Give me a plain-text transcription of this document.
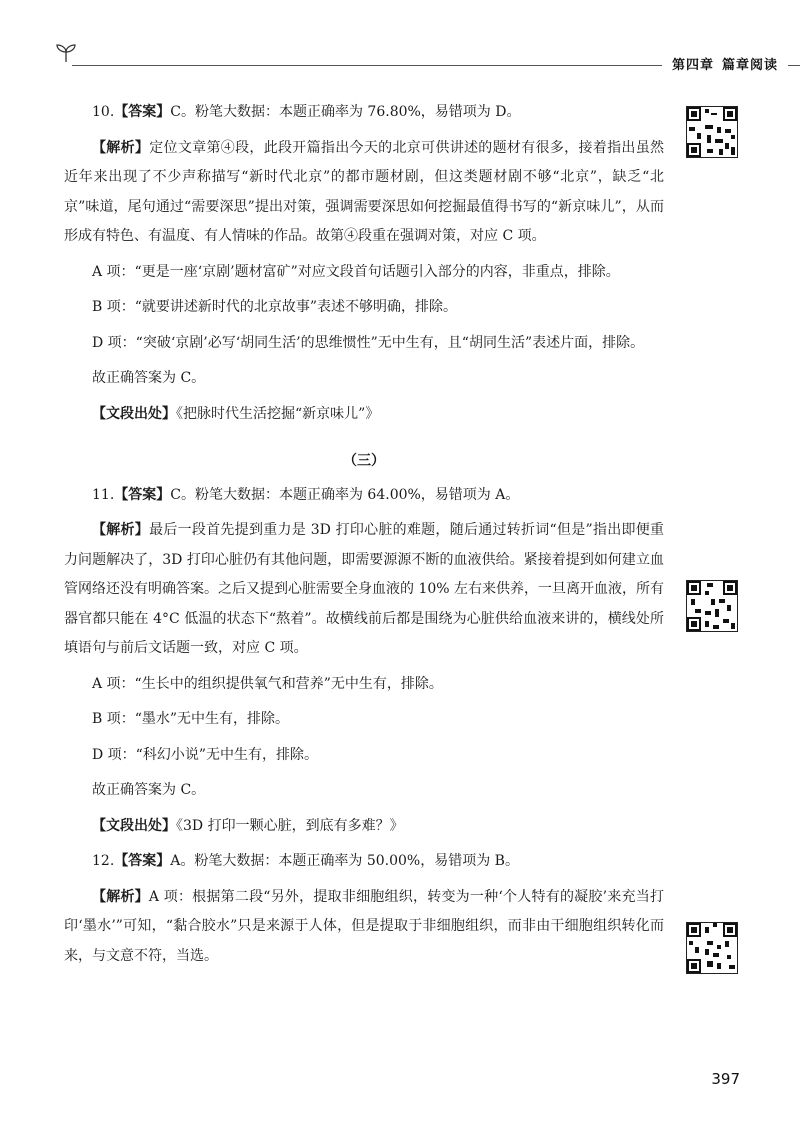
第四章 篇章阅读

10.【答案】C。粉笔大数据：本题正确率为 76.80%，易错项为 D。

【解析】定位文章第④段，此段开篇指出今天的北京可供讲述的题材有很多，接着指出虽然近年来出现了不少声称描写“新时代北京”的都市题材剧，但这类题材剧不够“北京”，缺乏“北京”味道，尾句通过“需要深思”提出对策，强调需要深思如何挖掘最值得书写的“新京味儿”，从而形成有特色、有温度、有人情味的作品。故第④段重在强调对策，对应 C 项。

A 项：“更是一座‘京剧’题材富矿”对应文段首句话题引入部分的内容，非重点，排除。

B 项：“就要讲述新时代的北京故事”表述不够明确，排除。

D 项：“突破‘京剧’必写‘胡同生活’的思维惯性”无中生有，且“胡同生活”表述片面，排除。

故正确答案为 C。

【文段出处】《把脉时代生活挖掘“新京味儿”》

（三）

11.【答案】C。粉笔大数据：本题正确率为 64.00%，易错项为 A。

【解析】最后一段首先提到重力是 3D 打印心脏的难题，随后通过转折词“但是”指出即便重力问题解决了，3D 打印心脏仍有其他问题，即需要源源不断的血液供给。紧接着提到如何建立血管网络还没有明确答案。之后又提到心脏需要全身血液的 10% 左右来供养，一旦离开血液，所有器官都只能在 4°C 低温的状态下“熬着”。故横线前后都是围绕为心脏供给血液来讲的，横线处所填语句与前后文话题一致，对应 C 项。

A 项：“生长中的组织提供氧气和营养”无中生有，排除。

B 项：“墨水”无中生有，排除。

D 项：“科幻小说”无中生有，排除。

故正确答案为 C。

【文段出处】《3D 打印一颗心脏，到底有多难？》

12.【答案】A。粉笔大数据：本题正确率为 50.00%，易错项为 B。

【解析】A 项：根据第二段“另外，提取非细胞组织，转变为一种‘个人特有的凝胶’来充当打印‘墨水’”可知，“黏合胶水”只是来源于人体，但是提取于非细胞组织，而非由干细胞组织转化而来，与文意不符，当选。

397
